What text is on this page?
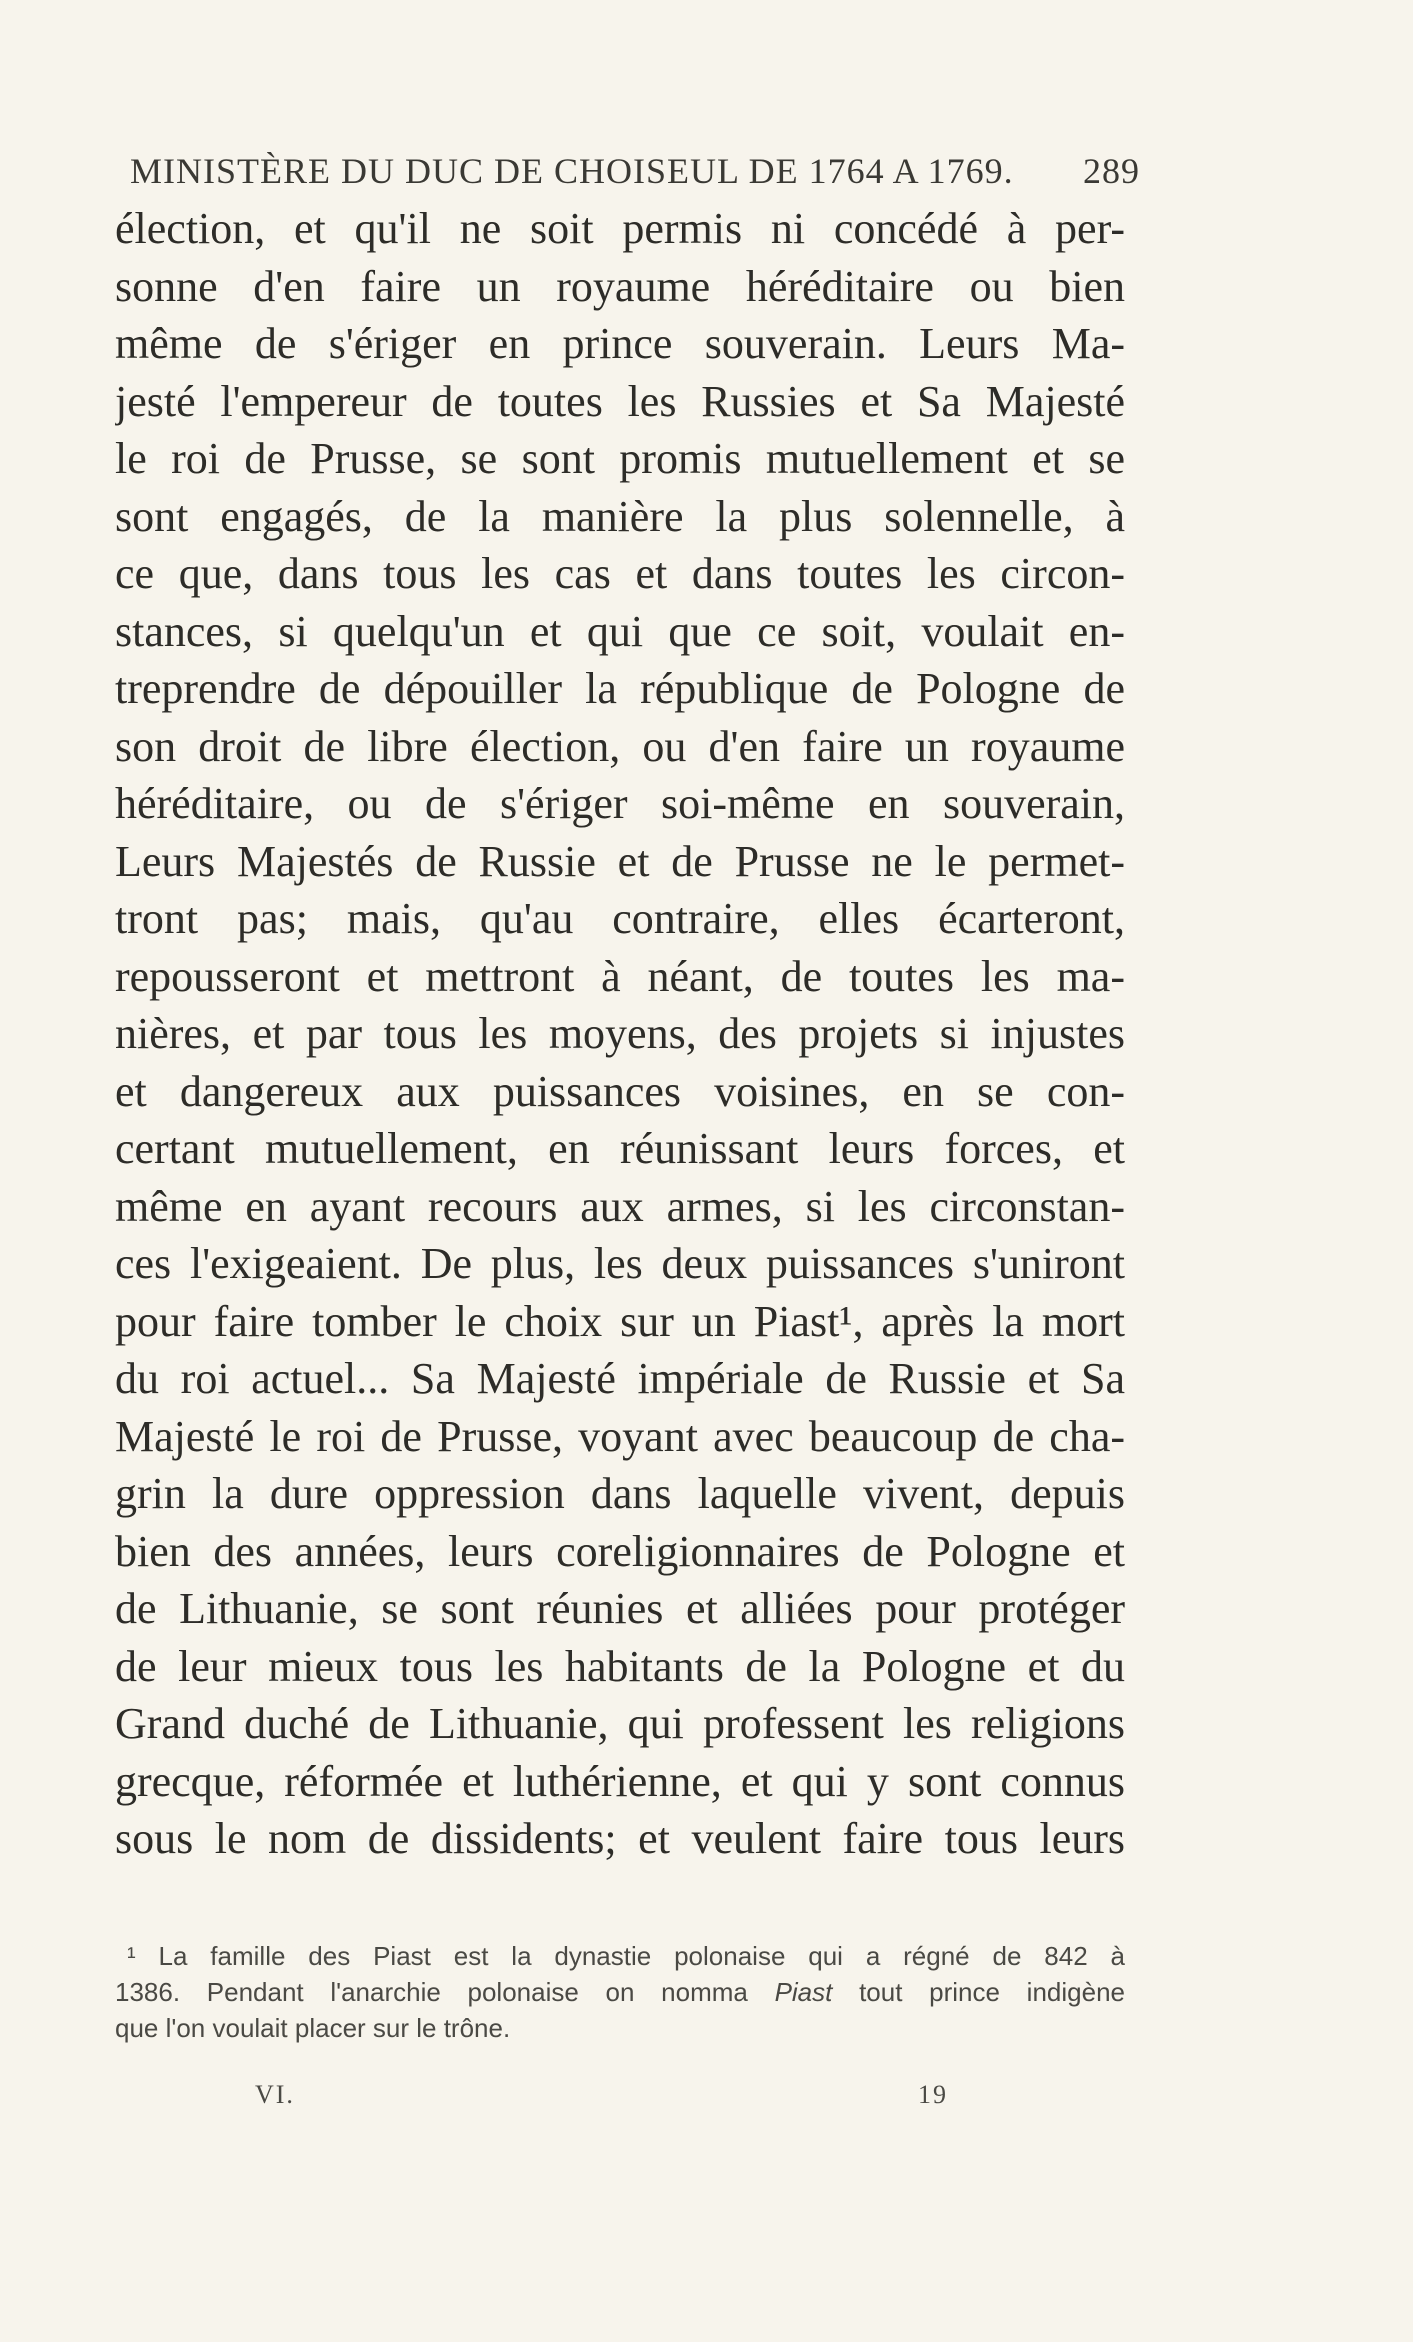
MINISTÈRE DU DUC DE CHOISEUL DE 1764 A 1769. 289
élection, et qu'il ne soit permis ni concédé à per-
sonne d'en faire un royaume héréditaire ou bien
même de s'ériger en prince souverain. Leurs Ma-
jesté l'empereur de toutes les Russies et Sa Majesté
le roi de Prusse, se sont promis mutuellement et se
sont engagés, de la manière la plus solennelle, à
ce que, dans tous les cas et dans toutes les circon-
stances, si quelqu'un et qui que ce soit, voulait en-
treprendre de dépouiller la république de Pologne de
son droit de libre élection, ou d'en faire un royaume
héréditaire, ou de s'ériger soi-même en souverain,
Leurs Majestés de Russie et de Prusse ne le permet-
tront pas; mais, qu'au contraire, elles écarteront,
repousseront et mettront à néant, de toutes les ma-
nières, et par tous les moyens, des projets si injustes
et dangereux aux puissances voisines, en se con-
certant mutuellement, en réunissant leurs forces, et
même en ayant recours aux armes, si les circonstan-
ces l'exigeaient. De plus, les deux puissances s'uniront
pour faire tomber le choix sur un Piast¹, après la mort
du roi actuel... Sa Majesté impériale de Russie et Sa
Majesté le roi de Prusse, voyant avec beaucoup de cha-
grin la dure oppression dans laquelle vivent, depuis
bien des années, leurs coreligionnaires de Pologne et
de Lithuanie, se sont réunies et alliées pour protéger
de leur mieux tous les habitants de la Pologne et du
Grand duché de Lithuanie, qui professent les religions
grecque, réformée et luthérienne, et qui y sont connus
sous le nom de dissidents; et veulent faire tous leurs
¹ La famille des Piast est la dynastie polonaise qui a régné de 842 à
1386. Pendant l'anarchie polonaise on nomma Piast tout prince indigène
que l'on voulait placer sur le trône.
VI.	19
